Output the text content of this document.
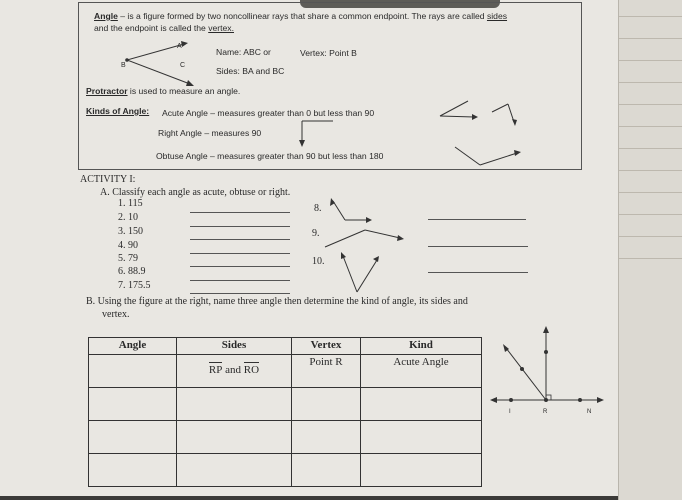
Angle – is a figure formed by two noncollinear rays that share a common endpoint. The rays are called sides
and the endpoint is called the vertex.
A
B	C
Name: ABC or	Vertex: Point B
Sides: BA and BC
Protractor is used to measure an angle.
Kinds of Angle: Acute Angle – measures greater than 0 but less than 90
Right Angle – measures 90
Obtuse Angle – measures greater than 90 but less than 180
ACTIVITY I:
A. Classify each angle as acute, obtuse or right.
1. 115
2. 10
3. 150
4. 90
5. 79
6. 88.9
7. 175.5
8.
9.
10.
B. Using the figure at the right, name three angle then determine the kind of angle, its sides and
vertex.
Angle	Sides	Vertex	Kind

	RP and RO	Point R	Acute Angle

I	R	N
